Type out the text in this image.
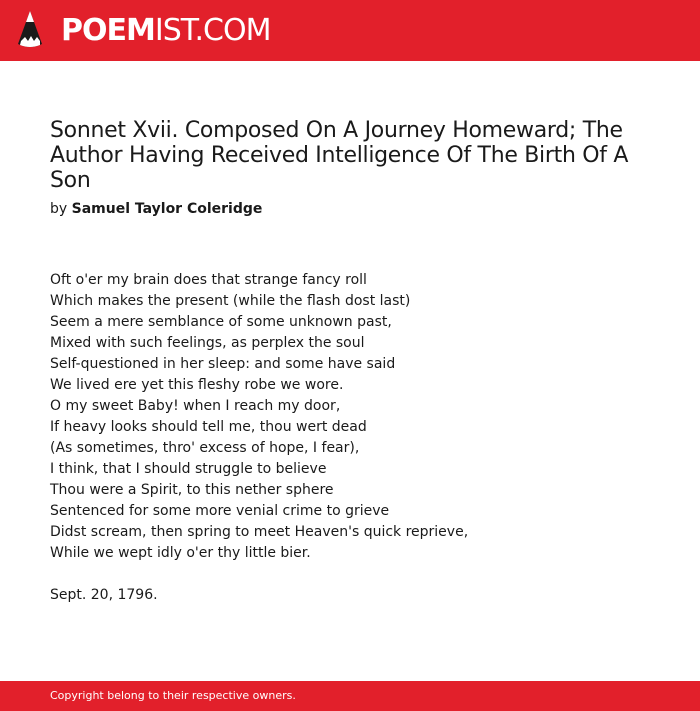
POEMIST.COM
Sonnet Xvii. Composed On A Journey Homeward; The Author Having Received Intelligence Of The Birth Of A Son
by Samuel Taylor Coleridge
Oft o'er my brain does that strange fancy roll
Which makes the present (while the flash dost last)
Seem a mere semblance of some unknown past,
Mixed with such feelings, as perplex the soul
Self-questioned in her sleep: and some have said
We lived ere yet this fleshy robe we wore.
O my sweet Baby! when I reach my door,
If heavy looks should tell me, thou wert dead
(As sometimes, thro' excess of hope, I fear),
I think, that I should struggle to believe
Thou were a Spirit, to this nether sphere
Sentenced for some more venial crime to grieve
Didst scream, then spring to meet Heaven's quick reprieve,
While we wept idly o'er thy little bier.
Sept. 20, 1796.
Copyright belong to their respective owners.
